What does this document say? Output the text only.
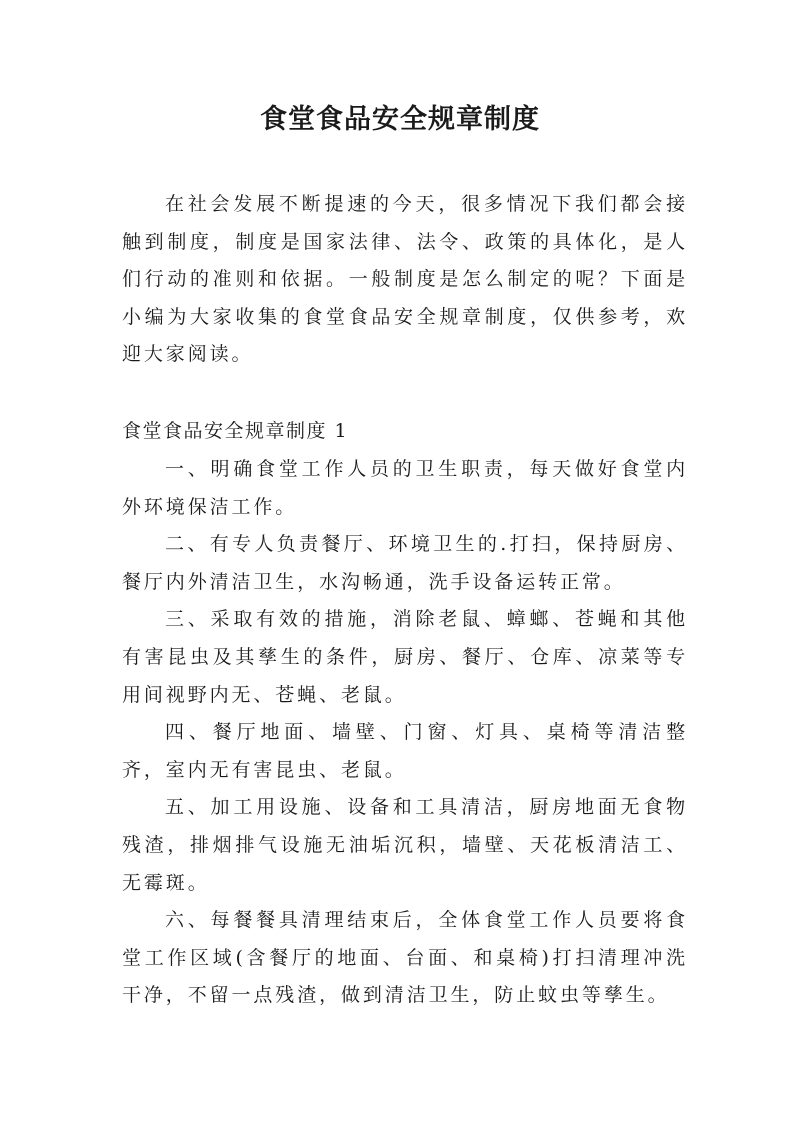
食堂食品安全规章制度
在社会发展不断提速的今天，很多情况下我们都会接触到制度，制度是国家法律、法令、政策的具体化，是人们行动的准则和依据。一般制度是怎么制定的呢？下面是小编为大家收集的食堂食品安全规章制度，仅供参考，欢迎大家阅读。
食堂食品安全规章制度 1

一、明确食堂工作人员的卫生职责，每天做好食堂内外环境保洁工作。

二、有专人负责餐厅、环境卫生的.打扫，保持厨房、餐厅内外清洁卫生，水沟畅通，洗手设备运转正常。

三、采取有效的措施，消除老鼠、蟑螂、苍蝇和其他有害昆虫及其孳生的条件，厨房、餐厅、仓库、凉菜等专用间视野内无、苍蝇、老鼠。

四、餐厅地面、墙壁、门窗、灯具、桌椅等清洁整齐，室内无有害昆虫、老鼠。

五、加工用设施、设备和工具清洁，厨房地面无食物残渣，排烟排气设施无油垢沉积，墙壁、天花板清洁工、无霉斑。

六、每餐餐具清理结束后，全体食堂工作人员要将食堂工作区域(含餐厅的地面、台面、和桌椅)打扫清理冲洗干净，不留一点残渣，做到清洁卫生，防止蚊虫等孳生。
